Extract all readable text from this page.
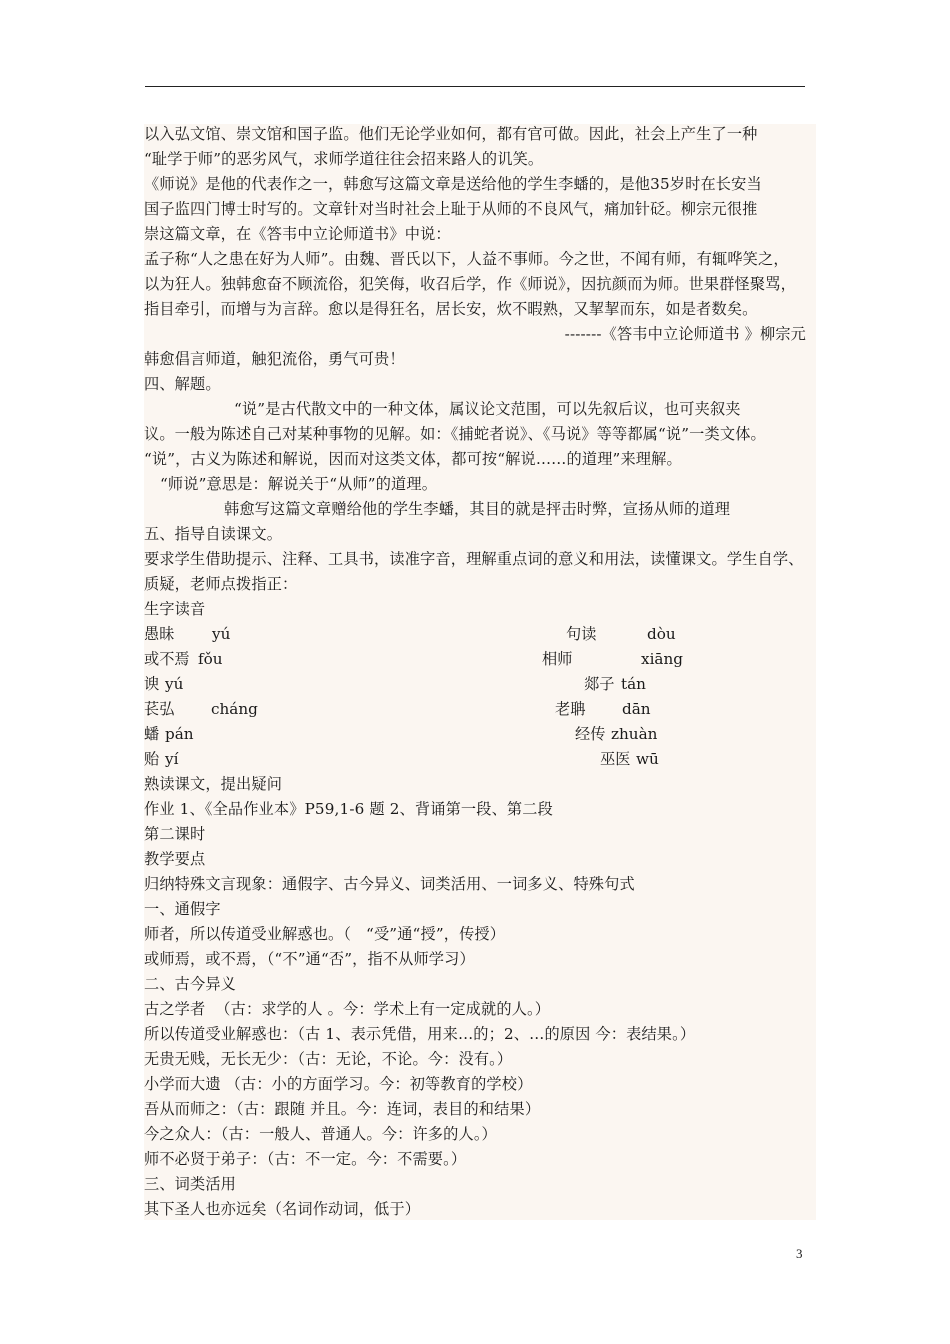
以入弘文馆、崇文馆和国子监。他们无论学业如何，都有官可做。因此，社会上产生了一种
“耻学于师”的恶劣风气，求师学道往往会招来路人的讥笑。
《师说》是他的代表作之一，韩愈写这篇文章是送给他的学生李蟠的，是他35岁时在长安当
国子监四门博士时写的。文章针对当时社会上耻于从师的不良风气，痛加针砭。柳宗元很推
崇这篇文章，在《答韦中立论师道书》中说：
孟子称“人之患在好为人师”。由魏、晋氏以下，人益不事师。今之世，不闻有师，有辄哗笑之，
以为狂人。独韩愈奋不顾流俗，犯笑侮，收召后学，作《师说》，因抗颜而为师。世果群怪聚骂，
指目牵引，而增与为言辞。愈以是得狂名，居长安，炊不暇熟，又挈挈而东，如是者数矣。
-------《答韦中立论师道书 》柳宗元
韩愈倡言师道，触犯流俗，勇气可贵！
四、解题。
“说”是古代散文中的一种文体，属议论文范围，可以先叙后议，也可夹叙夹
议。一般为陈述自己对某种事物的见解。如：《捕蛇者说》、《马说》等等都属“说”一类文体。
“说”，古义为陈述和解说，因而对这类文体，都可按“解说……的道理”来理解。
“师说”意思是：解说关于“从师”的道理。
韩愈写这篇文章赠给他的学生李蟠，其目的就是抨击时弊，宣扬从师的道理
五、指导自读课文。
要求学生借助提示、注释、工具书，读准字音，理解重点词的意义和用法，读懂课文。学生自学、
质疑，老师点拨指正：
生字读音
愚昧 yú	句读	dòu
或不焉 fǒu	相师	xiāng
谀 yú	郯子 tán
苌弘 cháng	老聃 dān
蟠 pán	经传 zhuàn
贻 yí	巫医 wū
熟读课文，提出疑问
作业 1、《全品作业本》P59,1-6 题 2、背诵第一段、第二段
第二课时
教学要点
归纳特殊文言现象：通假字、古今异义、词类活用、一词多义、特殊句式
一、通假字
师者，所以传道受业解惑也。（   “受”通“授”，传授）
或师焉，或不焉，（“不”通“否”，指不从师学习）
二、古今异义
古之学者  （古：求学的人 。今：学术上有一定成就的人。）
所以传道受业解惑也：（古 1、表示凭借，用来…的；2、…的原因 今：表结果。）
无贵无贱，无长无少：（古：无论，不论。今：没有。）
小学而大遗 （古：小的方面学习。今：初等教育的学校）
吾从而师之：（古：跟随 并且。今：连词，表目的和结果）
今之众人：（古：一般人、普通人。今：许多的人。）
师不必贤于弟子：（古：不一定。今：不需要。）
三、词类活用
其下圣人也亦远矣（名词作动词，低于）
3
